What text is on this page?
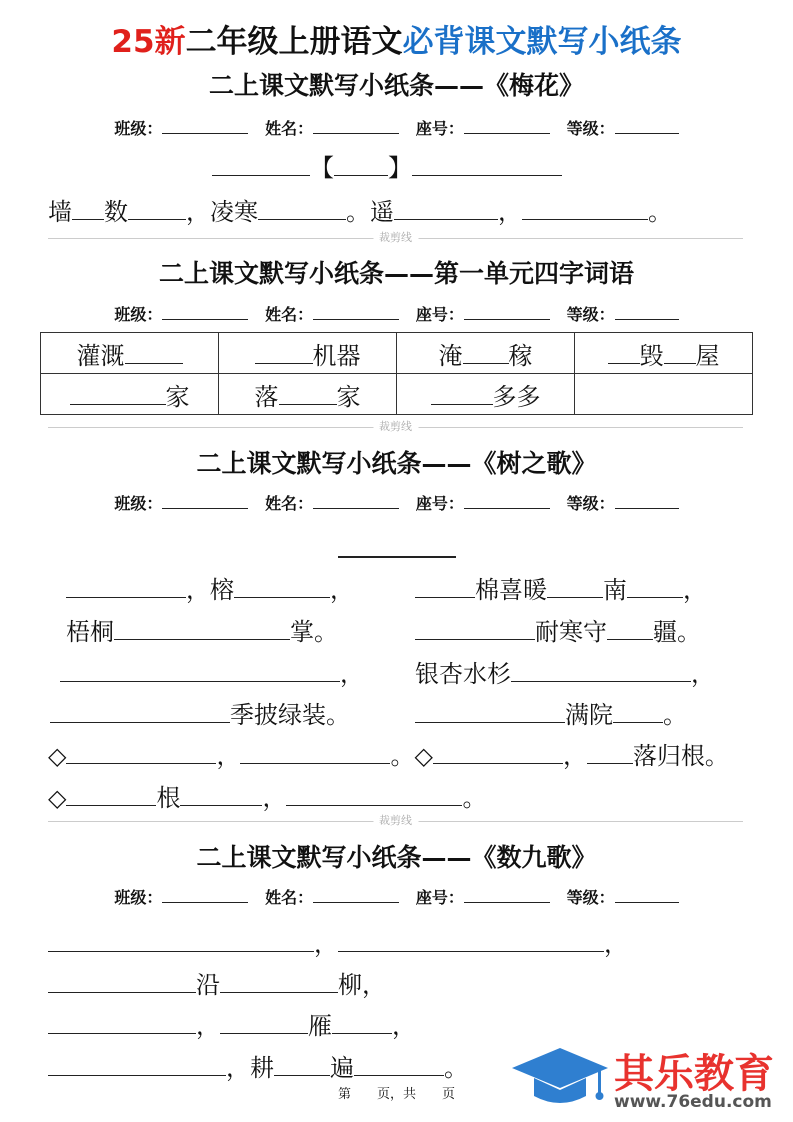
25新二年级上册语文必背课文默写小纸条
二上课文默写小纸条——《梅花》
班级：	姓名：	座号：	等级：
【 】
墙 数 ，凌寒	。遥	，	。
裁剪线
二上课文默写小纸条——第一单元四字词语
班级：	姓名：	座号：	等级：
灌溉	机器	淹 稼	毁 屋
家	落 家	多多	
裁剪线
二上课文默写小纸条——《树之歌》
班级：	姓名：	座号：	等级：
，榕	，	棉喜暖 南 ，
梧桐	掌。	耐寒守 疆。
， 银杏水杉	，
季披绿装。	满院 。
◇	，	。◇	， 落归根。
◇	根	，	。
裁剪线
二上课文默写小纸条——《数九歌》
班级：	姓名：	座号：	等级：
，	，
沿	柳，
，	雁	，
，耕 遍	。
第　　页，共　　页	其乐教育
www.76edu.com
